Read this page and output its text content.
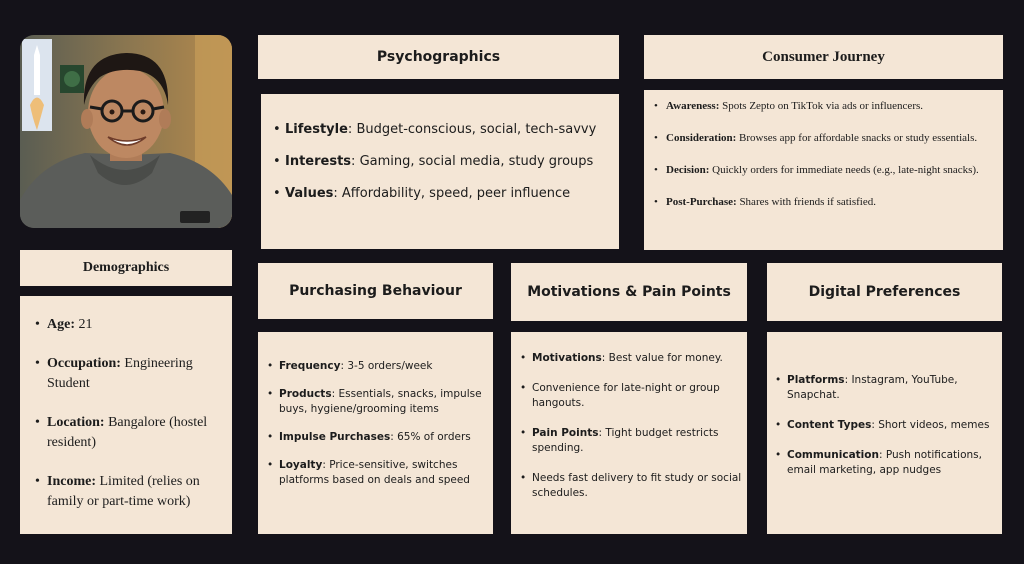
Psychographics
• Lifestyle: Budget-conscious, social, tech-savvy
• Interests: Gaming, social media, study groups
• Values: Affordability, speed, peer influence
Consumer Journey
• Awareness: Spots Zepto on TikTok via ads or influencers.
• Consideration: Browses app for affordable snacks or study essentials.
• Decision: Quickly orders for immediate needs (e.g., late-night snacks).
• Post-Purchase: Shares with friends if satisfied.
Demographics
• Age: 21
• Occupation: Engineering Student
• Location: Bangalore (hostel resident)
• Income: Limited (relies on family or part-time work)
Purchasing Behaviour
• Frequency: 3-5 orders/week
• Products: Essentials, snacks, impulse buys, hygiene/grooming items
• Impulse Purchases: 65% of orders
• Loyalty: Price-sensitive, switches platforms based on deals and speed
Motivations & Pain Points
• Motivations: Best value for money.
• Convenience for late-night or group hangouts.
• Pain Points: Tight budget restricts spending.
• Needs fast delivery to fit study or social schedules.
Digital Preferences
• Platforms: Instagram, YouTube, Snapchat.
• Content Types: Short videos, memes
• Communication: Push notifications, email marketing, app nudges
